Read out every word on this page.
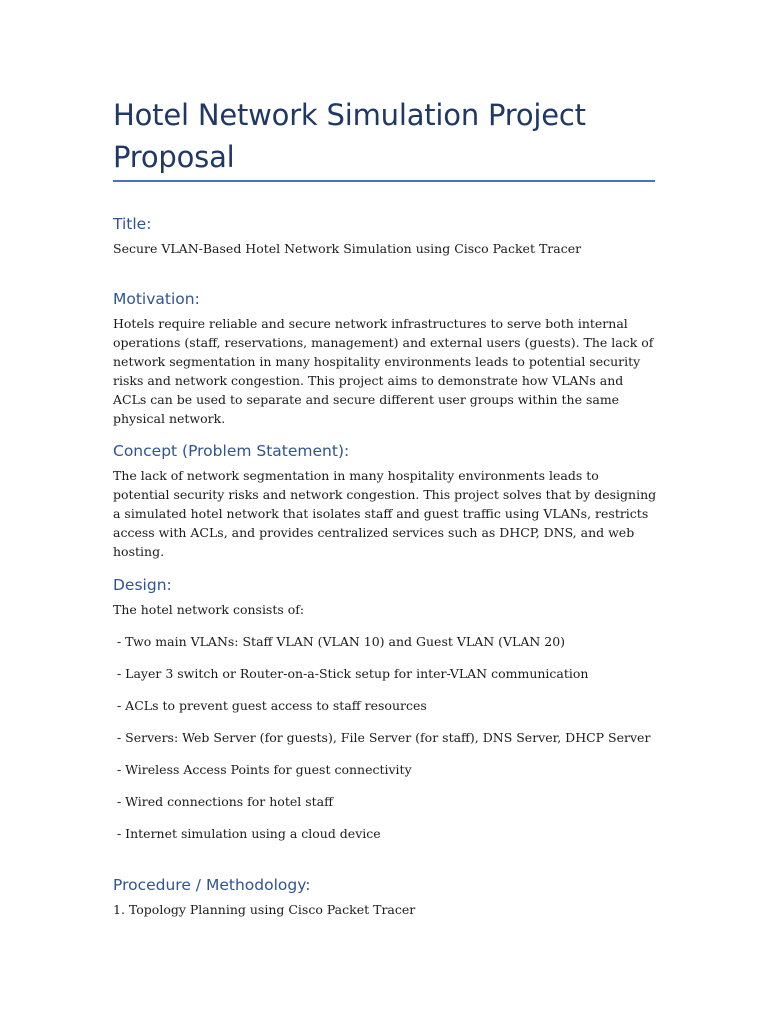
Hotel Network Simulation Project Proposal
Title:

Secure VLAN-Based Hotel Network Simulation using Cisco Packet Tracer

Motivation:

Hotels require reliable and secure network infrastructures to serve both internal operations (staff, reservations, management) and external users (guests). The lack of network segmentation in many hospitality environments leads to potential security risks and network congestion. This project aims to demonstrate how VLANs and ACLs can be used to separate and secure different user groups within the same physical network.

Concept (Problem Statement):

The lack of network segmentation in many hospitality environments leads to potential security risks and network congestion. This project solves that by designing a simulated hotel network that isolates staff and guest traffic using VLANs, restricts access with ACLs, and provides centralized services such as DHCP, DNS, and web hosting.

Design:

The hotel network consists of:

- Two main VLANs: Staff VLAN (VLAN 10) and Guest VLAN (VLAN 20)

- Layer 3 switch or Router-on-a-Stick setup for inter-VLAN communication

- ACLs to prevent guest access to staff resources

- Servers: Web Server (for guests), File Server (for staff), DNS Server, DHCP Server

- Wireless Access Points for guest connectivity

- Wired connections for hotel staff

- Internet simulation using a cloud device

Procedure / Methodology:

1. Topology Planning using Cisco Packet Tracer
